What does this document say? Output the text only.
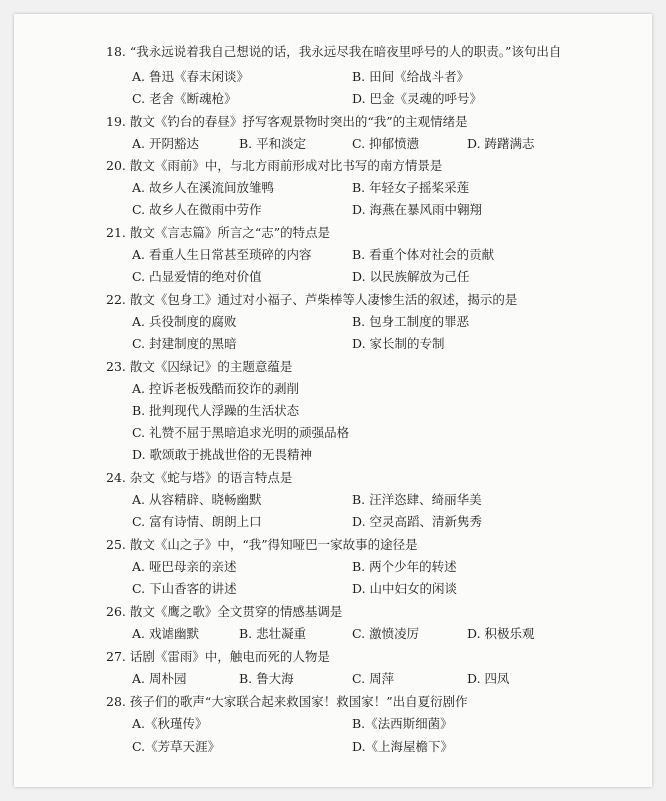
18. “我永远说着我自己想说的话，我永远尽我在暗夜里呼号的人的职责。”该句出自
A. 鲁迅《春末闲谈》	B. 田间《给战斗者》
C. 老舍《断魂枪》	D. 巴金《灵魂的呼号》
19. 散文《钓台的春昼》抒写客观景物时突出的“我”的主观情绪是
A. 开阴豁达	B. 平和淡定	C. 抑郁愤懑	D. 踌躇满志
20. 散文《雨前》中，与北方雨前形成对比书写的南方情景是
A. 故乡人在溪流间放雏鸭	B. 年轻女子摇桨采莲
C. 故乡人在微雨中劳作	D. 海燕在暴风雨中翱翔
21. 散文《言志篇》所言之“志”的特点是
A. 看重人生日常甚至琐碎的内容	B. 看重个体对社会的贡献
C. 凸显爱情的绝对价值	D. 以民族解放为己任
22. 散文《包身工》通过对小福子、芦柴棒等人凄惨生活的叙述，揭示的是
A. 兵役制度的腐败	B. 包身工制度的罪恶
C. 封建制度的黑暗	D. 家长制的专制
23. 散文《囚绿记》的主题意蕴是
A. 控诉老板残酷而狡诈的剥削
B. 批判现代人浮躁的生活状态
C. 礼赞不屈于黑暗追求光明的顽强品格
D. 歌颂敢于挑战世俗的无畏精神
24. 杂文《蛇与塔》的语言特点是
A. 从容精辟、晓畅幽默	B. 汪洋恣肆、绮丽华美
C. 富有诗情、朗朗上口	D. 空灵高蹈、清新隽秀
25. 散文《山之子》中，“我”得知哑巴一家故事的途径是
A. 哑巴母亲的亲述	B. 两个少年的转述
C. 下山香客的讲述	D. 山中妇女的闲谈
26. 散文《鹰之歌》全文贯穿的情感基调是
A. 戏谑幽默	B. 悲壮凝重	C. 激愤凌厉	D. 积极乐观
27. 话剧《雷雨》中，触电而死的人物是
A. 周朴园	B. 鲁大海	C. 周萍	D. 四凤
28. 孩子们的歌声“大家联合起来救国家！救国家！”出自夏衍剧作
A.《秋瑾传》	B.《法西斯细菌》
C.《芳草天涯》	D.《上海屋檐下》
